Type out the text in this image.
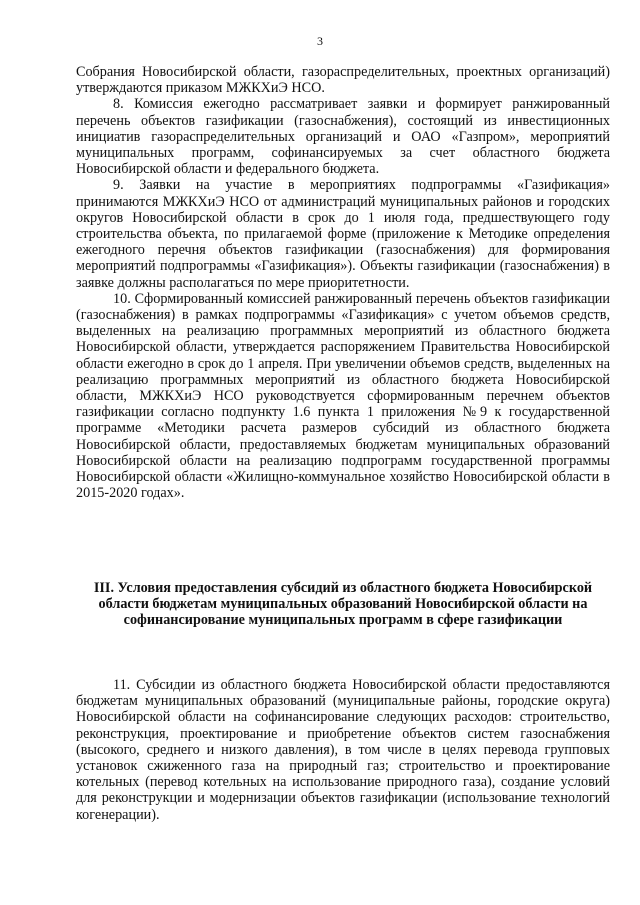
3

Собрания Новосибирской области, газораспределительных, проектных организаций) утверждаются приказом МЖКХиЭ НСО.

8. Комиссия ежегодно рассматривает заявки и формирует ранжированный перечень объектов газификации (газоснабжения), состоящий из инвестиционных инициатив газораспределительных организаций и ОАО «Газпром», мероприятий муниципальных программ, софинансируемых за счет областного бюджета Новосибирской области и федерального бюджета.

9. Заявки на участие в мероприятиях подпрограммы «Газификация» принимаются МЖКХиЭ НСО от администраций муниципальных районов и городских округов Новосибирской области в срок до 1 июля года, предшествующего году строительства объекта, по прилагаемой форме (приложение к Методике определения ежегодного перечня объектов газификации (газоснабжения) для формирования мероприятий подпрограммы «Газификация»). Объекты газификации (газоснабжения) в заявке должны располагаться по мере приоритетности.

10. Сформированный комиссией ранжированный перечень объектов газификации (газоснабжения) в рамках подпрограммы «Газификация» с учетом объемов средств, выделенных на реализацию программных мероприятий из областного бюджета Новосибирской области, утверждается распоряжением Правительства Новосибирской области ежегодно в срок до 1 апреля. При увеличении объемов средств, выделенных на реализацию программных мероприятий из областного бюджета Новосибирской области, МЖКХиЭ НСО руководствуется сформированным перечнем объектов газификации согласно подпункту 1.6 пункта 1 приложения №9 к государственной программе «Методики расчета размеров субсидий из областного бюджета Новосибирской области, предоставляемых бюджетам муниципальных образований Новосибирской области на реализацию подпрограмм государственной программы Новосибирской области «Жилищно-коммунальное хозяйство Новосибирской области в 2015-2020 годах».

III. Условия предоставления субсидий из областного бюджета Новосибирской области бюджетам муниципальных образований Новосибирской области на софинансирование муниципальных программ в сфере газификации

11. Субсидии из областного бюджета Новосибирской области предоставляются бюджетам муниципальных образований (муниципальные районы, городские округа) Новосибирской области на софинансирование следующих расходов: строительство, реконструкция, проектирование и приобретение объектов систем газоснабжения (высокого, среднего и низкого давления), в том числе в целях перевода групповых установок сжиженного газа на природный газ; строительство и проектирование котельных (перевод котельных на использование природного газа), создание условий для реконструкции и модернизации объектов газификации (использование технологий когенерации).
